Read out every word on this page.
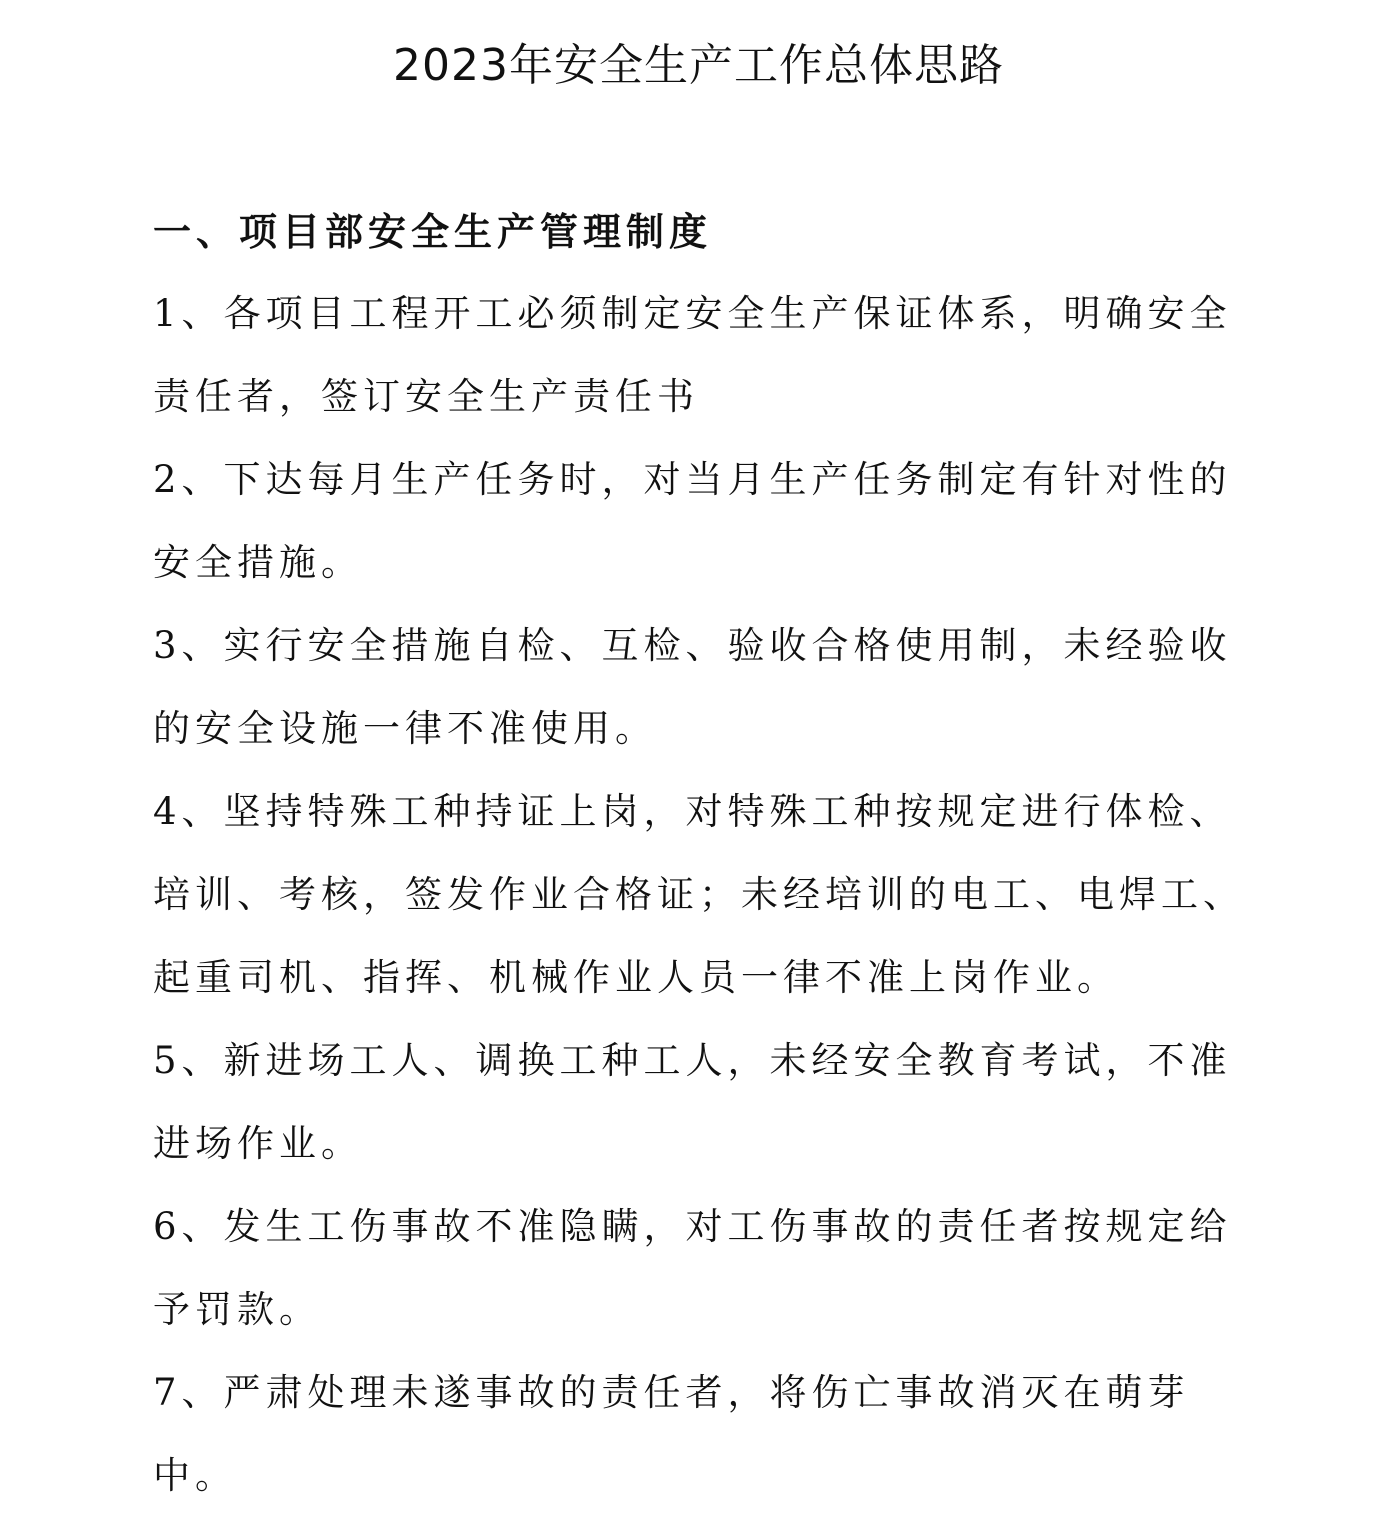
2023年安全生产工作总体思路
一、项目部安全生产管理制度

1、各项目工程开工必须制定安全生产保证体系，明确安全责任者，签订安全生产责任书

2、下达每月生产任务时，对当月生产任务制定有针对性的安全措施。

3、实行安全措施自检、互检、验收合格使用制，未经验收的安全设施一律不准使用。

4、坚持特殊工种持证上岗，对特殊工种按规定进行体检、培训、考核，签发作业合格证；未经培训的电工、电焊工、起重司机、指挥、机械作业人员一律不准上岗作业。

5、新进场工人、调换工种工人，未经安全教育考试，不准进场作业。

6、发生工伤事故不准隐瞒，对工伤事故的责任者按规定给予罚款。

7、严肃处理未遂事故的责任者，将伤亡事故消灭在萌芽中。
